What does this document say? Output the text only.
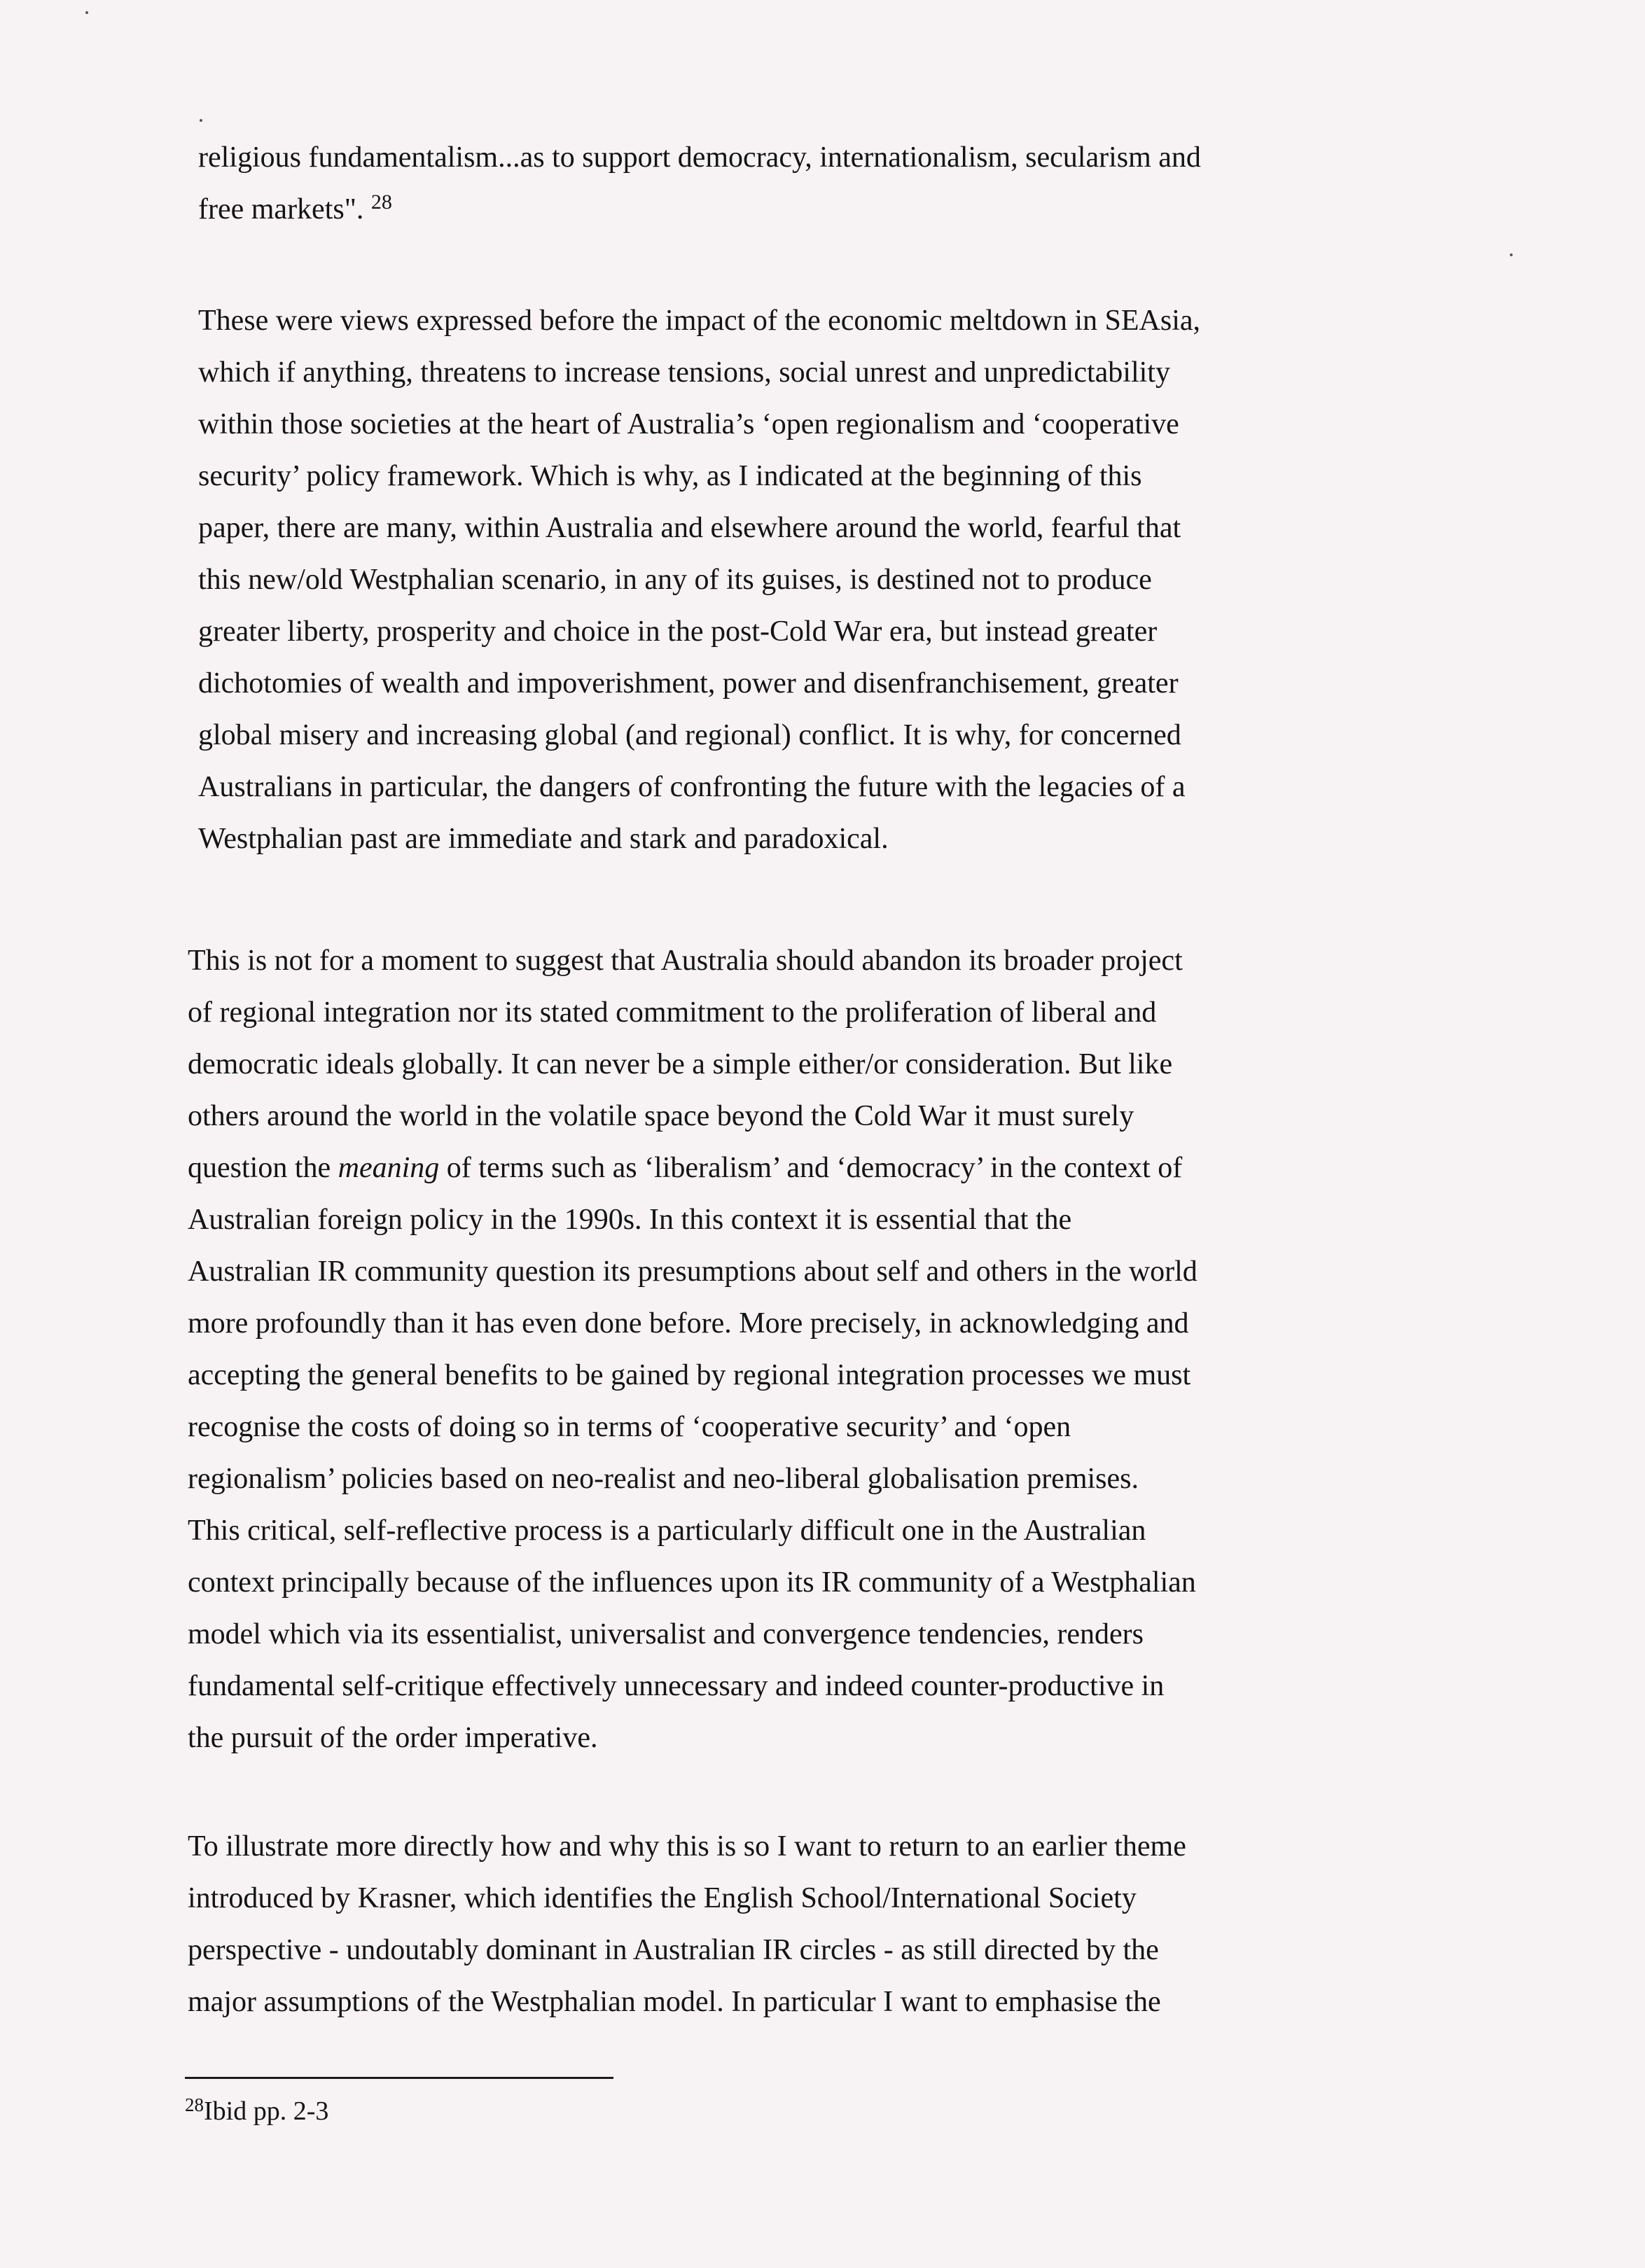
religious fundamentalism...as to support democracy, internationalism, secularism and
free markets". $^{28}$

These were views expressed before the impact of the economic meltdown in SEAsia,
which if anything, threatens to increase tensions, social unrest and unpredictability
within those societies at the heart of Australia’s ‘open regionalism and ‘cooperative
security’ policy framework. Which is why, as I indicated at the beginning of this
paper, there are many, within Australia and elsewhere around the world, fearful that
this new/old Westphalian scenario, in any of its guises, is destined not to produce
greater liberty, prosperity and choice in the post-Cold War era, but instead greater
dichotomies of wealth and impoverishment, power and disenfranchisement, greater
global misery and increasing global (and regional) conflict. It is why, for concerned
Australians in particular, the dangers of confronting the future with the legacies of a
Westphalian past are immediate and stark and paradoxical.

This is not for a moment to suggest that Australia should abandon its broader project
of regional integration nor its stated commitment to the proliferation of liberal and
democratic ideals globally. It can never be a simple either/or consideration. But like
others around the world in the volatile space beyond the Cold War it must surely
question the meaning of terms such as ‘liberalism’ and ‘democracy’ in the context of
Australian foreign policy in the 1990s. In this context it is essential that the
Australian IR community question its presumptions about self and others in the world
more profoundly than it has even done before. More precisely, in acknowledging and
accepting the general benefits to be gained by regional integration processes we must
recognise the costs of doing so in terms of ‘cooperative security’ and ‘open
regionalism’ policies based on neo-realist and neo-liberal globalisation premises.
This critical, self-reflective process is a particularly difficult one in the Australian
context principally because of the influences upon its IR community of a Westphalian
model which via its essentialist, universalist and convergence tendencies, renders
fundamental self-critique effectively unnecessary and indeed counter-productive in
the pursuit of the order imperative.

To illustrate more directly how and why this is so I want to return to an earlier theme
introduced by Krasner, which identifies the English School/International Society
perspective - undoutably dominant in Australian IR circles - as still directed by the
major assumptions of the Westphalian model. In particular I want to emphasise the

$^{28}$Ibid pp. 2-3
